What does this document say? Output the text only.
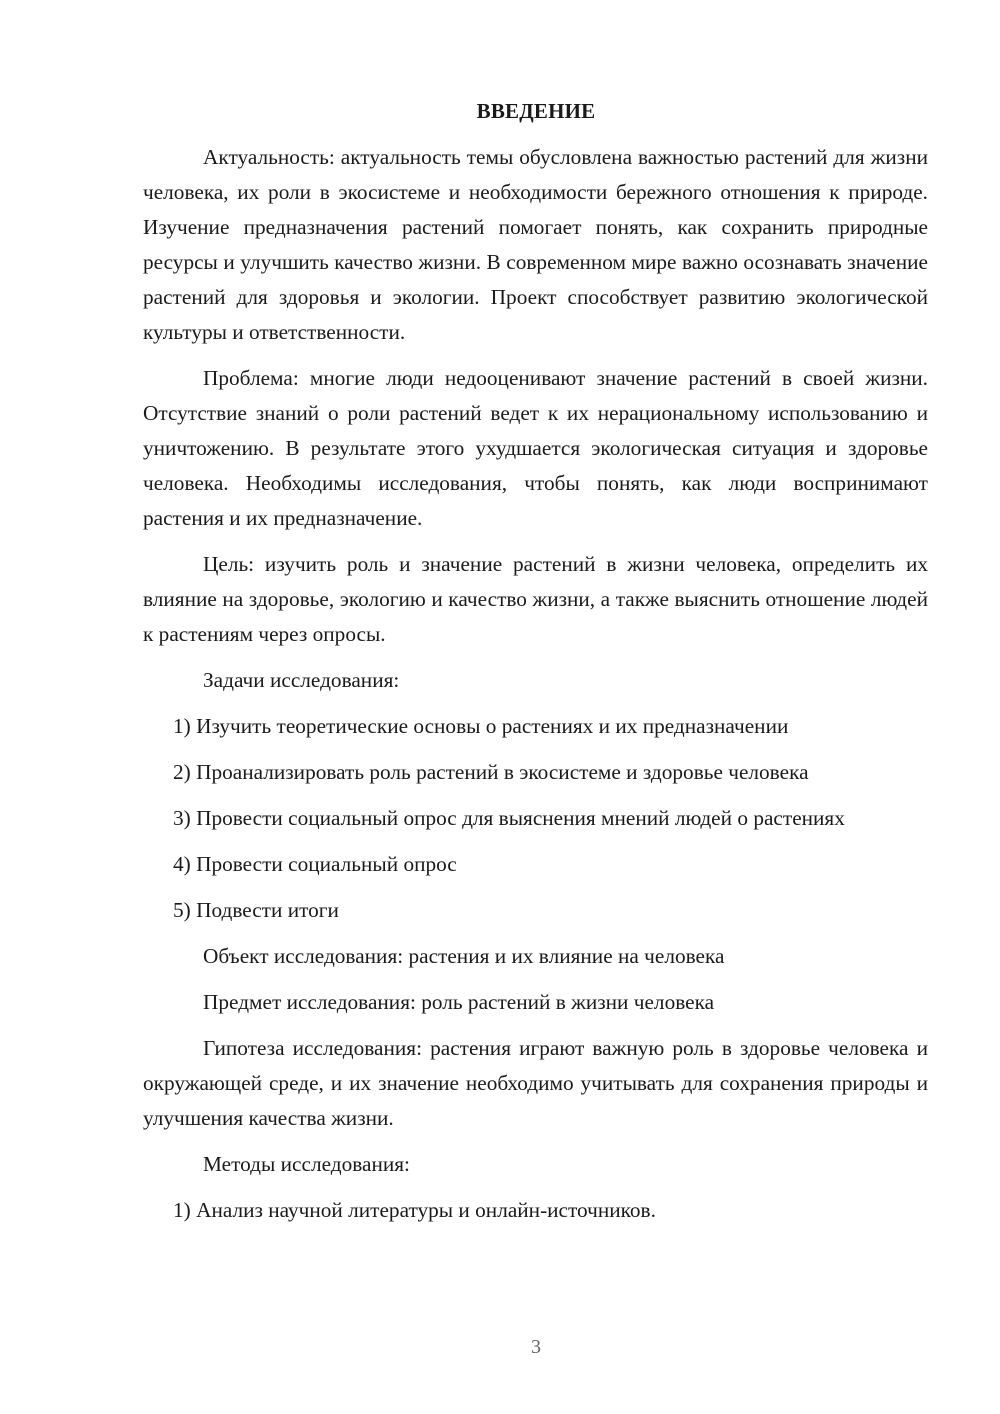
ВВЕДЕНИЕ

Актуальность: актуальность темы обусловлена важностью растений для жизни человека, их роли в экосистеме и необходимости бережного отношения к природе. Изучение предназначения растений помогает понять, как сохранить природные ресурсы и улучшить качество жизни. В современном мире важно осознавать значение растений для здоровья и экологии. Проект способствует развитию экологической культуры и ответственности.

Проблема: многие люди недооценивают значение растений в своей жизни. Отсутствие знаний о роли растений ведет к их нерациональному использованию и уничтожению. В результате этого ухудшается экологическая ситуация и здоровье человека. Необходимы исследования, чтобы понять, как люди воспринимают растения и их предназначение.

Цель: изучить роль и значение растений в жизни человека, определить их влияние на здоровье, экологию и качество жизни, а также выяснить отношение людей к растениям через опросы.

Задачи исследования:

1) Изучить теоретические основы о растениях и их предназначении

2) Проанализировать роль растений в экосистеме и здоровье человека

3) Провести социальный опрос для выяснения мнений людей о растениях

4) Провести социальный опрос

5) Подвести итоги

Объект исследования: растения и их влияние на человека

Предмет исследования: роль растений в жизни человека

Гипотеза исследования: растения играют важную роль в здоровье человека и окружающей среде, и их значение необходимо учитывать для сохранения природы и улучшения качества жизни.

Методы исследования:

1) Анализ научной литературы и онлайн-источников.

3
